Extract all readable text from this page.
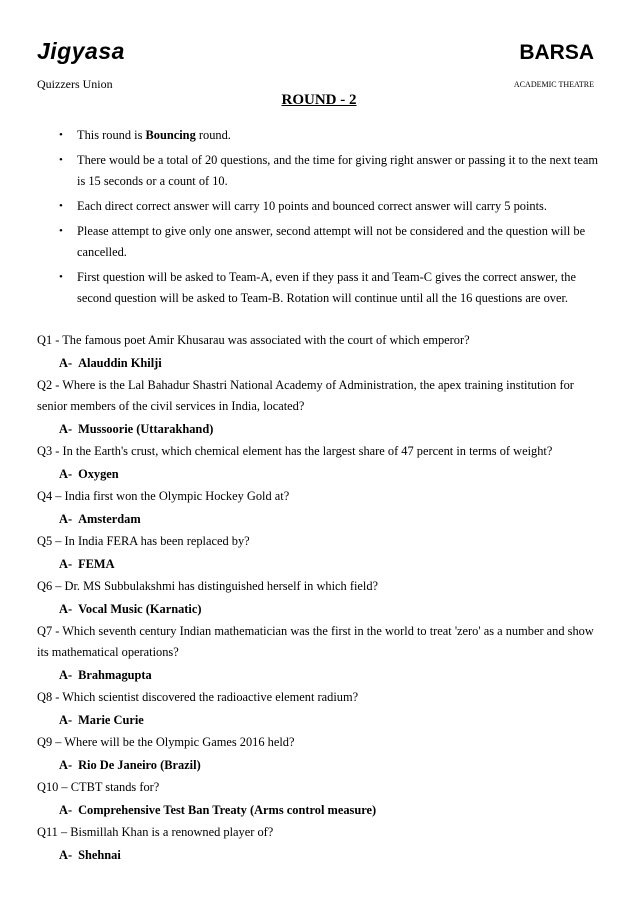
Jigyasa
Quizzers Union
BARSA
ACADEMIC THEATRE
ROUND - 2
• This round is Bouncing round.
• There would be a total of 20 questions, and the time for giving right answer or passing it to the next team is 15 seconds or a count of 10.
• Each direct correct answer will carry 10 points and bounced correct answer will carry 5 points.
• Please attempt to give only one answer, second attempt will not be considered and the question will be cancelled.
• First question will be asked to Team-A, even if they pass it and Team-C gives the correct answer, the second question will be asked to Team-B. Rotation will continue until all the 16 questions are over.

Q1 - The famous poet Amir Khusarau was associated with the court of which emperor?

A- Alauddin Khilji

Q2 - Where is the Lal Bahadur Shastri National Academy of Administration, the apex training institution for senior members of the civil services in India, located?

A- Mussoorie (Uttarakhand)

Q3 - In the Earth's crust, which chemical element has the largest share of 47 percent in terms of weight?

A- Oxygen

Q4 – India first won the Olympic Hockey Gold at?

A- Amsterdam

Q5 – In India FERA has been replaced by?

A- FEMA

Q6 – Dr. MS Subbulakshmi has distinguished herself in which field?

A- Vocal Music (Karnatic)

Q7 - Which seventh century Indian mathematician was the first in the world to treat 'zero' as a number and show its mathematical operations?

A- Brahmagupta

Q8 - Which scientist discovered the radioactive element radium?

A- Marie Curie

Q9 – Where will be the Olympic Games 2016 held?

A- Rio De Janeiro (Brazil)

Q10 – CTBT stands for?

A- Comprehensive Test Ban Treaty (Arms control measure)

Q11 – Bismillah Khan is a renowned player of?

A- Shehnai
